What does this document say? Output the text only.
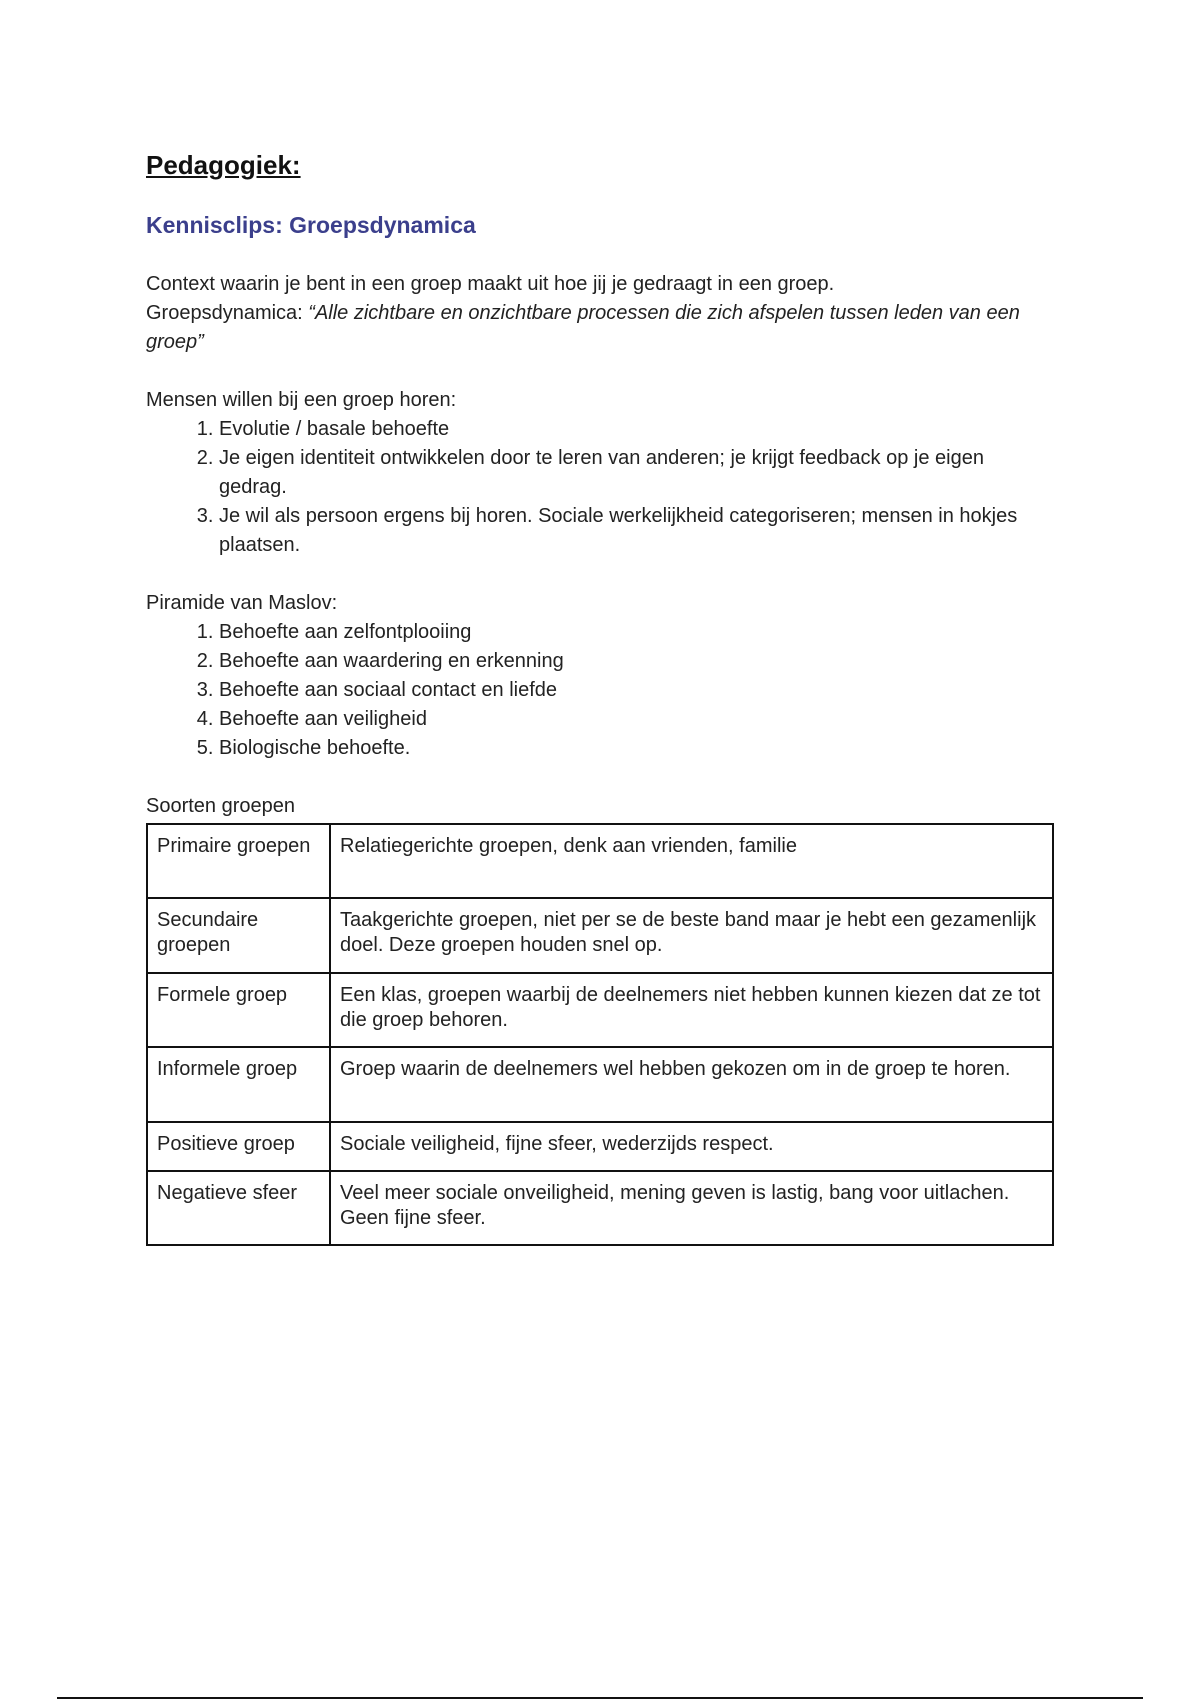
Pedagogiek:
Kennisclips: Groepsdynamica

Context waarin je bent in een groep maakt uit hoe jij je gedraagt in een groep.

Groepsdynamica: “Alle zichtbare en onzichtbare processen die zich afspelen tussen leden van een groep”

Mensen willen bij een groep horen:

1. Evolutie / basale behoefte
2. Je eigen identiteit ontwikkelen door te leren van anderen; je krijgt feedback op je eigen gedrag.
3. Je wil als persoon ergens bij horen. Sociale werkelijkheid categoriseren; mensen in hokjes plaatsen.

Piramide van Maslov:

1. Behoefte aan zelfontplooiing
2. Behoefte aan waardering en erkenning
3. Behoefte aan sociaal contact en liefde
4. Behoefte aan veiligheid
5. Biologische behoefte.

Soorten groepen

Primaire groepen	Relatiegerichte groepen, denk aan vrienden, familie
Secundaire groepen	Taakgerichte groepen, niet per se de beste band maar je hebt een gezamenlijk doel. Deze groepen houden snel op.
Formele groep	Een klas, groepen waarbij de deelnemers niet hebben kunnen kiezen dat ze tot die groep behoren.
Informele groep	Groep waarin de deelnemers wel hebben gekozen om in de groep te horen.
Positieve groep	Sociale veiligheid, fijne sfeer, wederzijds respect.
Negatieve sfeer	Veel meer sociale onveiligheid, mening geven is lastig, bang voor uitlachen. Geen fijne sfeer.
